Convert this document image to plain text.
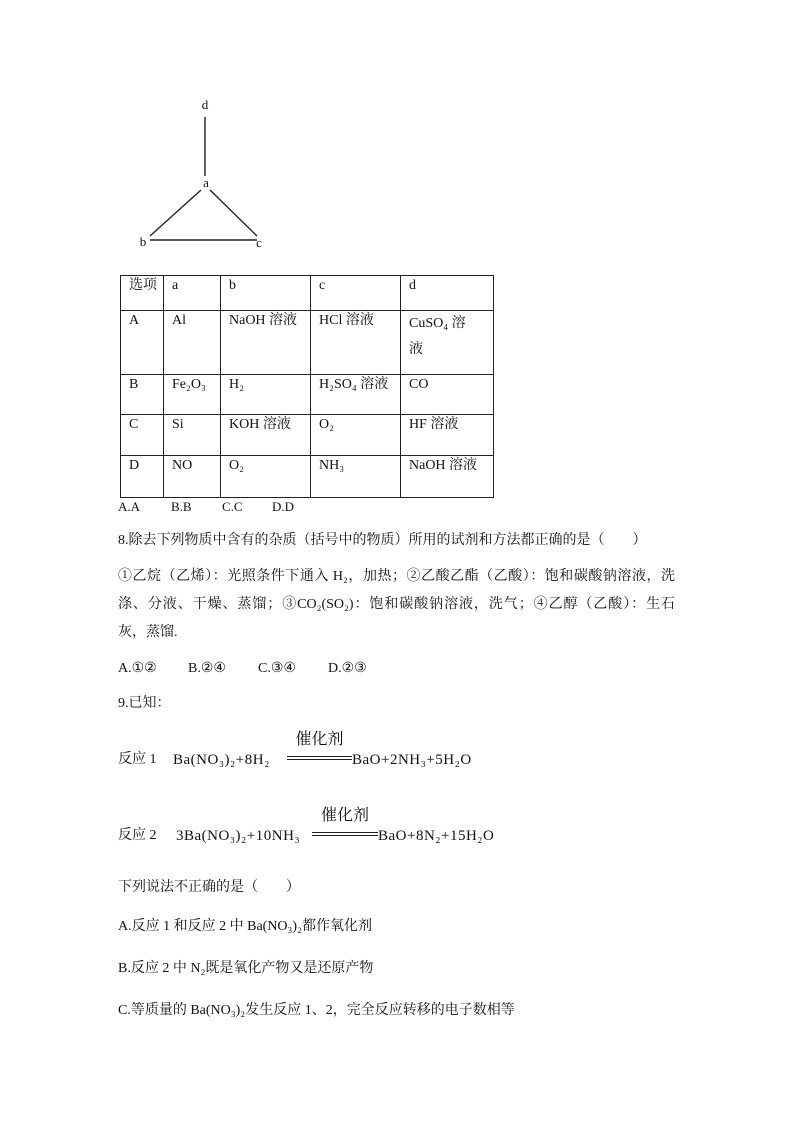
d
a
b	c
选项	a	b	c	d
A	Al	NaOH 溶液	HCl 溶液	CuSO₄ 溶液
B	Fe₂O₃	H₂	H₂SO₄ 溶液	CO
C	Si	KOH 溶液	O₂	HF 溶液
D	NO	O₂	NH₃	NaOH 溶液
A.A B.B C.C D.D
8.除去下列物质中含有的杂质（括号中的物质）所用的试剂和方法都正确的是（　　）
①乙烷（乙烯）：光照条件下通入 H₂，加热；②乙酸乙酯（乙酸）：饱和碳酸钠溶液，洗
涤、分液、干燥、蒸馏；③CO₂(SO₂)：饱和碳酸钠溶液，洗气；④乙醇（乙酸）：生石
灰，蒸馏.
A.①② B.②④ C.③④ D.②③
9.已知：
反应 1	Ba(NO₃)₂+8H₂
催化剂
BaO+2NH₃+5H₂O
反应 2	3Ba(NO₃)₂+10NH₃
催化剂
BaO+8N₂+15H₂O
下列说法不正确的是（　　）
A.反应 1 和反应 2 中 Ba(NO₃)₂都作氧化剂
B.反应 2 中 N₂既是氧化产物又是还原产物
C.等质量的 Ba(NO₃)₂发生反应 1、2，完全反应转移的电子数相等
